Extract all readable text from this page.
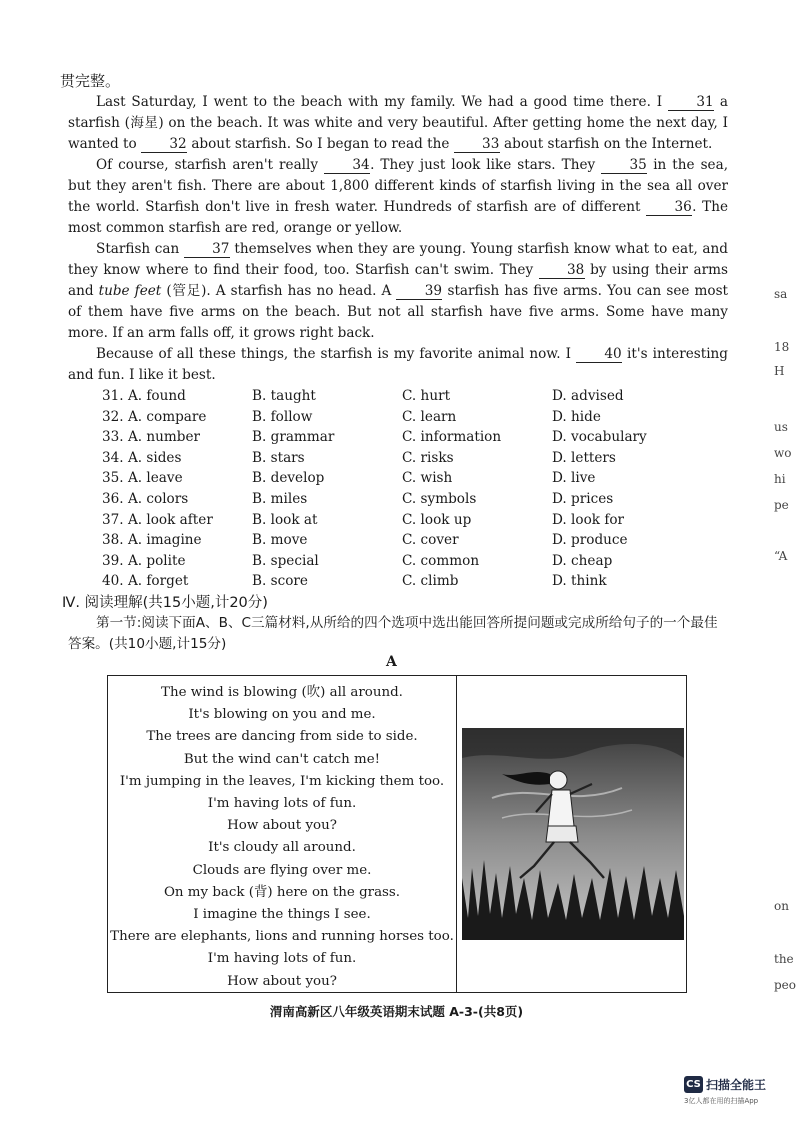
贯完整。

Last Saturday, I went to the beach with my family. We had a good time there. I 31 a starfish (海星) on the beach. It was white and very beautiful. After getting home the next day, I wanted to 32 about starfish. So I began to read the 33 about starfish on the Internet.

Of course, starfish aren't really 34. They just look like stars. They 35 in the sea, but they aren't fish. There are about 1,800 different kinds of starfish living in the sea all over the world. Starfish don't live in fresh water. Hundreds of starfish are of different 36. The most common starfish are red, orange or yellow.

Starfish can 37 themselves when they are young. Young starfish know what to eat, and they know where to find their food, too. Starfish can't swim. They 38 by using their arms and tube feet (管足). A starfish has no head. A 39 starfish has five arms. You can see most of them have five arms on the beach. But not all starfish have five arms. Some have many more. If an arm falls off, it grows right back.

Because of all these things, the starfish is my favorite animal now. I 40 it's interesting and fun. I like it best.

31. A. found	B. taught	C. hurt	D. advised
32. A. compare	B. follow	C. learn	D. hide
33. A. number	B. grammar	C. information	D. vocabulary
34. A. sides	B. stars	C. risks	D. letters
35. A. leave	B. develop	C. wish	D. live
36. A. colors	B. miles	C. symbols	D. prices
37. A. look after	B. look at	C. look up	D. look for
38. A. imagine	B. move	C. cover	D. produce
39. A. polite	B. special	C. common	D. cheap
40. A. forget	B. score	C. climb	D. think
Ⅳ. 阅读理解(共15小题,计20分)
第一节:阅读下面A、B、C三篇材料,从所给的四个选项中选出能回答所提问题或完成所给句子的一个最佳答案。(共10小题,计15分)
A
The wind is blowing (吹) all around.
It's blowing on you and me.
The trees are dancing from side to side.
But the wind can't catch me!
I'm jumping in the leaves, I'm kicking them too.
I'm having lots of fun.
How about you?
It's cloudy all around.
Clouds are flying over me.
On my back (背) here on the grass.
I imagine the things I see.
There are elephants, lions and running horses too.
I'm having lots of fun.
How about you?
渭南高新区八年级英语期末试题 A-3-(共8页)
sa
18
H
us
wo
hi
pe
“A
on
the
peo
CS 扫描全能王
3亿人都在用的扫描App
